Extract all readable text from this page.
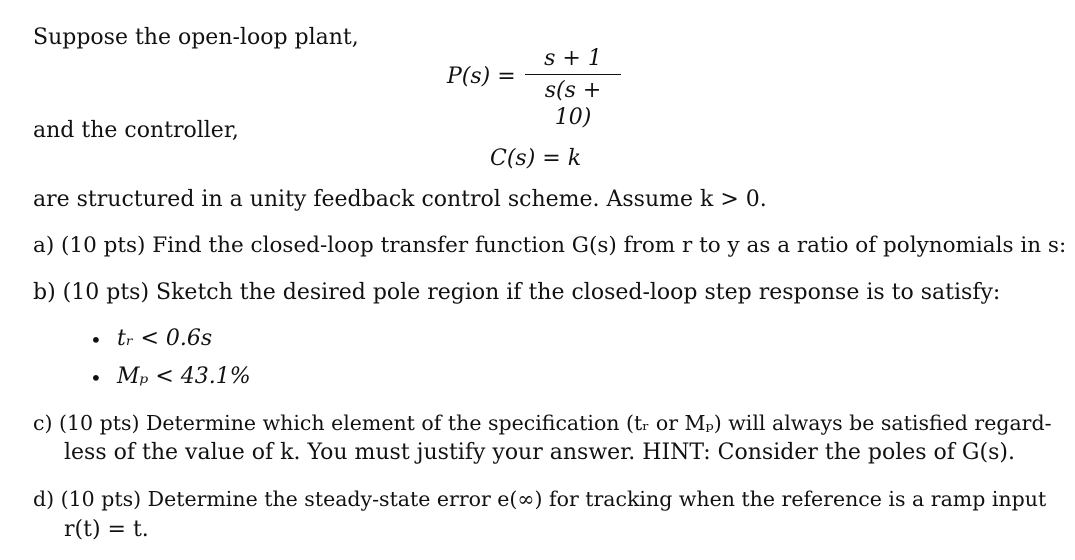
Suppose the open-loop plant,
P(s) =
s + 1
s(s + 10)
and the controller,
C(s) = k
are structured in a unity feedback control scheme. Assume k > 0.
a) (10 pts) Find the closed-loop transfer function G(s) from r to y as a ratio of polynomials in s:
b) (10 pts) Sketch the desired pole region if the closed-loop step response is to satisfy:
• tᵣ < 0.6s
• Mₚ < 43.1%
c) (10 pts) Determine which element of the specification (tᵣ or Mₚ) will always be satisfied regard-
less of the value of k. You must justify your answer. HINT: Consider the poles of G(s).
d) (10 pts) Determine the steady-state error e(∞) for tracking when the reference is a ramp input
r(t) = t.
